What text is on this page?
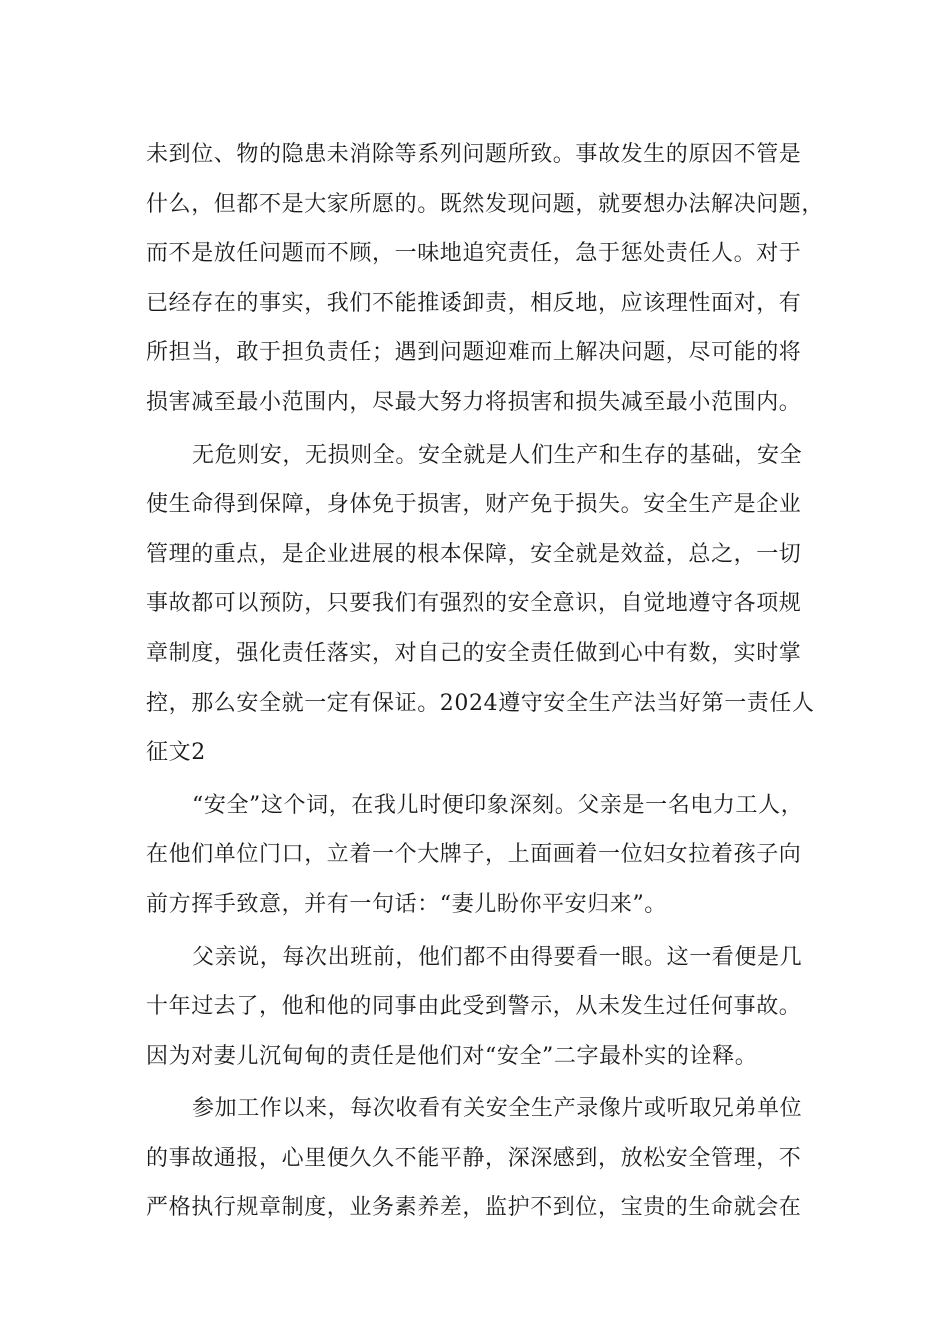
未到位、物的隐患未消除等系列问题所致。事故发生的原因不管是
什么，但都不是大家所愿的。既然发现问题，就要想办法解决问题，
而不是放任问题而不顾，一味地追究责任，急于惩处责任人。对于
已经存在的事实，我们不能推诿卸责，相反地，应该理性面对，有
所担当，敢于担负责任；遇到问题迎难而上解决问题，尽可能的将
损害减至最小范围内，尽最大努力将损害和损失减至最小范围内。
无危则安，无损则全。安全就是人们生产和生存的基础，安全
使生命得到保障，身体免于损害，财产免于损失。安全生产是企业
管理的重点，是企业进展的根本保障，安全就是效益，总之，一切
事故都可以预防，只要我们有强烈的安全意识，自觉地遵守各项规
章制度，强化责任落实，对自己的安全责任做到心中有数，实时掌
控，那么安全就一定有保证。2024遵守安全生产法当好第一责任人
征文2
“安全”这个词，在我儿时便印象深刻。父亲是一名电力工人，
在他们单位门口，立着一个大牌子，上面画着一位妇女拉着孩子向
前方挥手致意，并有一句话：“妻儿盼你平安归来”。
父亲说，每次出班前，他们都不由得要看一眼。这一看便是几
十年过去了，他和他的同事由此受到警示，从未发生过任何事故。
因为对妻儿沉甸甸的责任是他们对“安全”二字最朴实的诠释。
参加工作以来，每次收看有关安全生产录像片或听取兄弟单位
的事故通报，心里便久久不能平静，深深感到，放松安全管理，不
严格执行规章制度，业务素养差，监护不到位，宝贵的生命就会在
